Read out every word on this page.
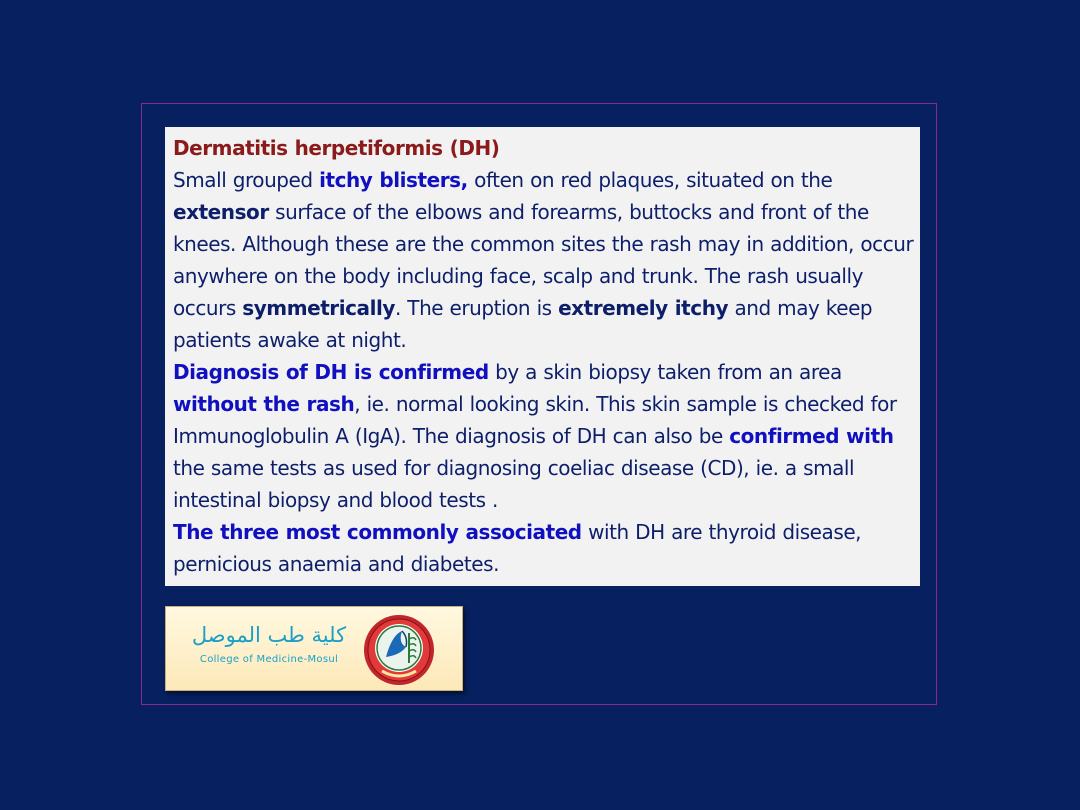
Dermatitis herpetiformis (DH)

Small grouped itchy blisters, often on red plaques, situated on the extensor surface of the elbows and forearms, buttocks and front of the knees. Although these are the common sites the rash may in addition, occur anywhere on the body including face, scalp and trunk. The rash usually occurs symmetrically. The eruption is extremely itchy and may keep patients awake at night.

Diagnosis of DH is confirmed by a skin biopsy taken from an area without the rash, ie. normal looking skin. This skin sample is checked for Immunoglobulin A (IgA). The diagnosis of DH can also be confirmed with the same tests as used for diagnosing coeliac disease (CD), ie. a small intestinal biopsy and blood tests .

The three most commonly associated with DH are thyroid disease, pernicious anaemia and diabetes.

كلية طب الموصل
College of Medicine-Mosul
